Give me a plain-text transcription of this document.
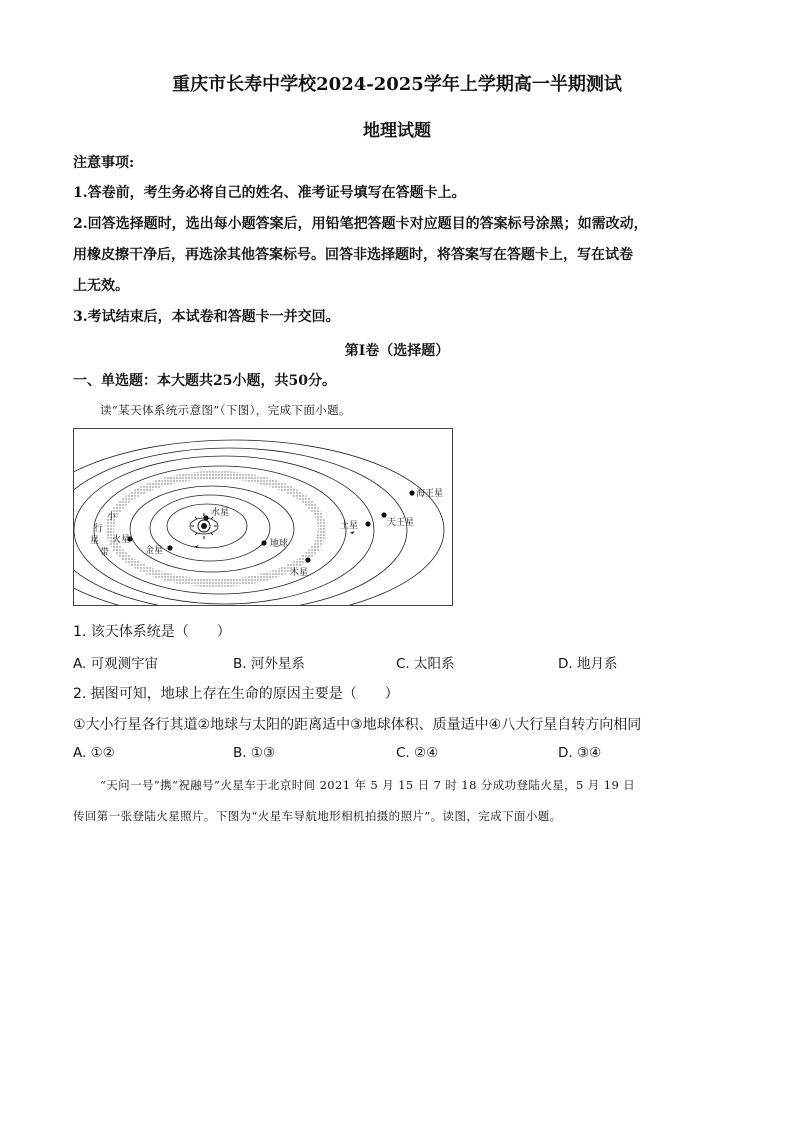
重庆市长寿中学校2024-2025学年上学期高一半期测试
地理试题
注意事项:
1.答卷前，考生务必将自己的姓名、准考证号填写在答题卡上。
2.回答选择题时，选出每小题答案后，用铅笔把答题卡对应题目的答案标号涂黑；如需改动，
用橡皮擦干净后，再选涂其他答案标号。回答非选择题时，将答案写在答题卡上，写在试卷
上无效。
3.考试结束后，本试卷和答题卡一并交回。
第Ⅰ卷（选择题）
一、单选题：本大题共25小题，共50分。
读“某天体系统示意图”（下图），完成下面小题。
水星
金星
地球
火星
木星
土星	天王星
海王星
小
行
星
带
1. 该天体系统是（　　）
A. 可观测宇宙	B. 河外星系	C. 太阳系	D. 地月系
2. 据图可知，地球上存在生命的原因主要是（　　）
①大小行星各行其道②地球与太阳的距离适中③地球体积、质量适中④八大行星自转方向相同
A. ①②	B. ①③	C. ②④	D. ③④
“天问一号”携“祝融号”火星车于北京时间 2021 年 5 月 15 日 7 时 18 分成功登陆火星，5 月 19 日
传回第一张登陆火星照片。下图为“火星车导航地形相机拍摄的照片”。读图，完成下面小题。
